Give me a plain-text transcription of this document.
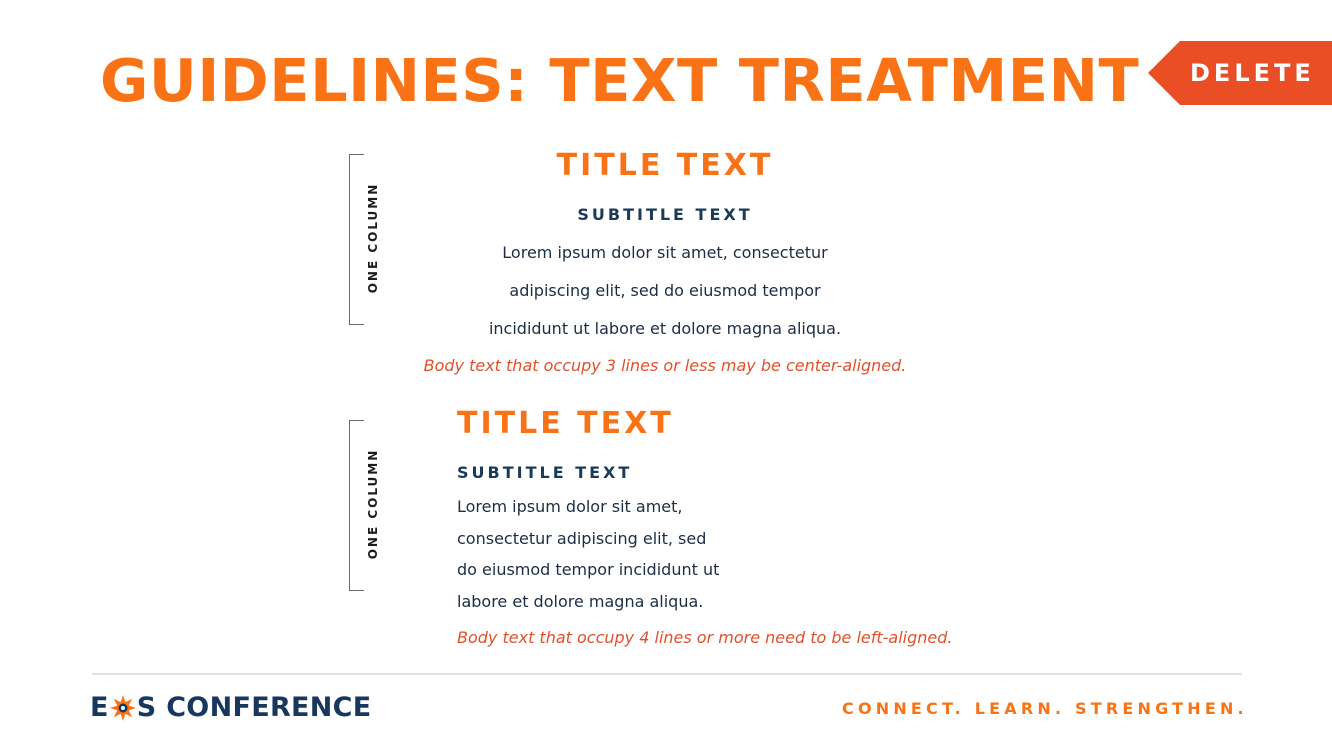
GUIDELINES: TEXT TREATMENT DELETE
ONE COLUMN
TITLE TEXT
SUBTITLE TEXT
Lorem ipsum dolor sit amet, consectetur
adipiscing elit, sed do eiusmod tempor
incididunt ut labore et dolore magna aliqua.
Body text that occupy 3 lines or less may be center-aligned.
ONE COLUMN
TITLE TEXT
SUBTITLE TEXT
Lorem ipsum dolor sit amet,
consectetur adipiscing elit, sed
do eiusmod tempor incididunt ut
labore et dolore magna aliqua.
Body text that occupy 4 lines or more need to be left-aligned.
E S CONFERENCE	CONNECT. LEARN. STRENGTHEN.
